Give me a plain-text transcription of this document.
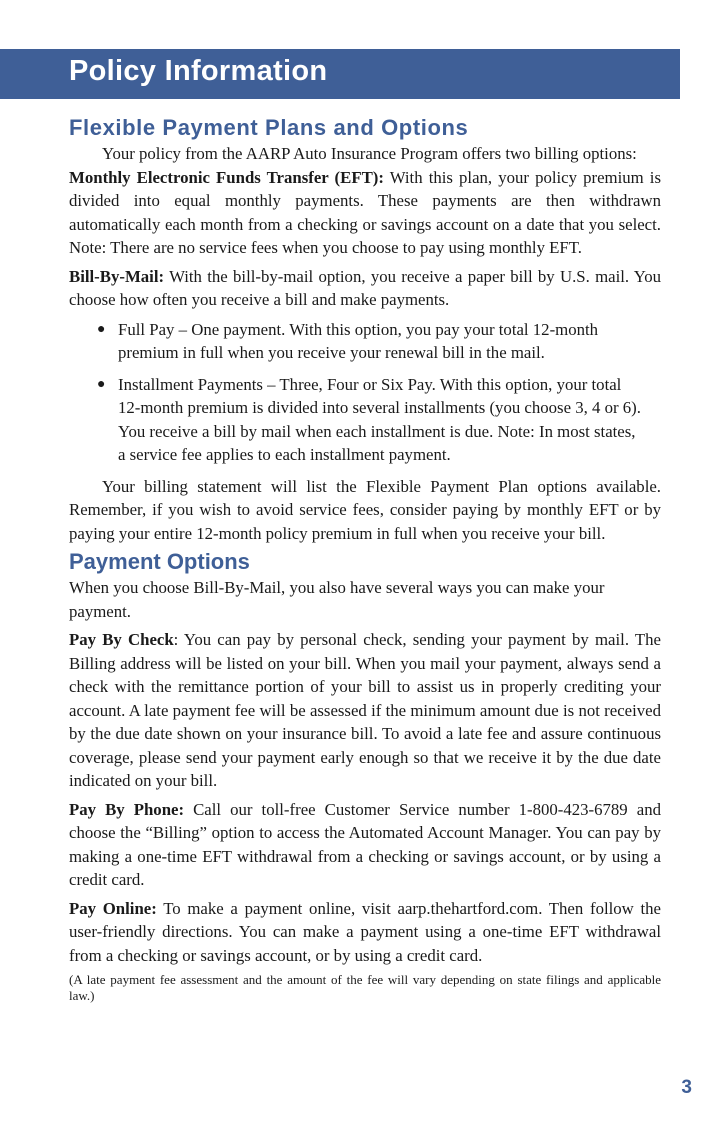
Policy Information
Flexible Payment Plans and Options

Your policy from the AARP Auto Insurance Program offers two billing options:

Monthly Electronic Funds Transfer (EFT): With this plan, your policy premium is divided into equal monthly payments. These payments are then withdrawn automatically each month from a checking or savings account on a date that you select. Note: There are no service fees when you choose to pay using monthly EFT.

Bill-By-Mail: With the bill-by-mail option, you receive a paper bill by U.S. mail. You choose how often you receive a bill and make payments.

● Full Pay – One payment. With this option, you pay your total 12-month premium in full when you receive your renewal bill in the mail.
● Installment Payments – Three, Four or Six Pay. With this option, your total 12-month premium is divided into several installments (you choose 3, 4 or 6). You receive a bill by mail when each installment is due. Note: In most states, a service fee applies to each installment payment.

Your billing statement will list the Flexible Payment Plan options available. Remember, if you wish to avoid service fees, consider paying by monthly EFT or by paying your entire 12-month policy premium in full when you receive your bill.

Payment Options

When you choose Bill-By-Mail, you also have several ways you can make your payment.

Pay By Check: You can pay by personal check, sending your payment by mail. The Billing address will be listed on your bill. When you mail your payment, always send a check with the remittance portion of your bill to assist us in properly crediting your account. A late payment fee will be assessed if the minimum amount due is not received by the due date shown on your insurance bill. To avoid a late fee and assure continuous coverage, please send your payment early enough so that we receive it by the due date indicated on your bill.

Pay By Phone: Call our toll-free Customer Service number 1-800-423-6789 and choose the “Billing” option to access the Automated Account Manager. You can pay by making a one-time EFT withdrawal from a checking or savings account, or by using a credit card.

Pay Online: To make a payment online, visit aarp.thehartford.com. Then follow the user-friendly directions. You can make a payment using a one-time EFT withdrawal from a checking or savings account, or by using a credit card.

(A late payment fee assessment and the amount of the fee will vary depending on state filings and applicable law.)

3
